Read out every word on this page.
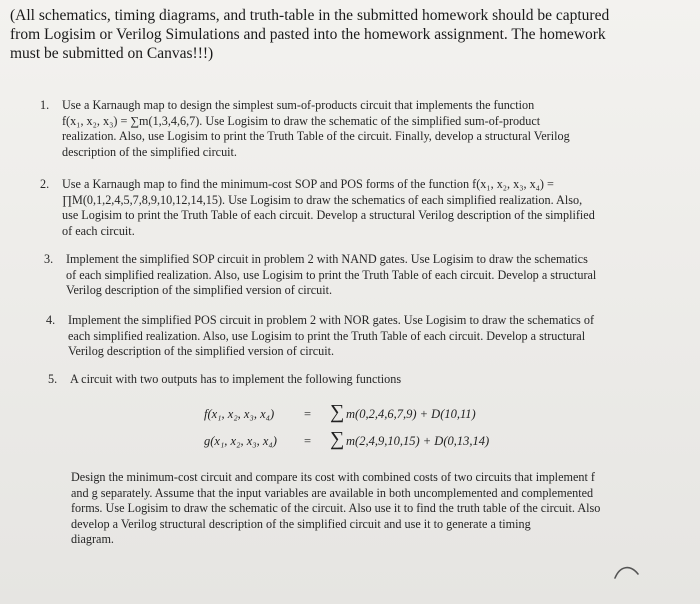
(All schematics, timing diagrams, and truth-table in the submitted homework should be captured
from Logisim or Verilog Simulations and pasted into the homework assignment. The homework
must be submitted on Canvas!!!)
1. Use a Karnaugh map to design the simplest sum-of-products circuit that implements the function
f(x₁, x₂, x₃) = ∑m(1,3,4,6,7). Use Logisim to draw the schematic of the simplified sum-of-product
realization. Also, use Logisim to print the Truth Table of the circuit. Finally, develop a structural Verilog
description of the simplified circuit.
2. Use a Karnaugh map to find the minimum-cost SOP and POS forms of the function f(x₁, x₂, x₃, x₄) =
∏M(0,1,2,4,5,7,8,9,10,12,14,15). Use Logisim to draw the schematics of each simplified realization. Also,
use Logisim to print the Truth Table of each circuit. Develop a structural Verilog description of the simplified
of each circuit.
3. Implement the simplified SOP circuit in problem 2 with NAND gates. Use Logisim to draw the schematics
of each simplified realization. Also, use Logisim to print the Truth Table of each circuit. Develop a structural
Verilog description of the simplified version of circuit.
4. Implement the simplified POS circuit in problem 2 with NOR gates. Use Logisim to draw the schematics of
each simplified realization. Also, use Logisim to print the Truth Table of each circuit. Develop a structural
Verilog description of the simplified version of circuit.
5. A circuit with two outputs has to implement the following functions
f(x₁, x₂, x₃, x₄) = ∑ m(0,2,4,6,7,9) + D(10,11)
g(x₁, x₂, x₃, x₄) = ∑ m(2,4,9,10,15) + D(0,13,14)
Design the minimum-cost circuit and compare its cost with combined costs of two circuits that implement f
and g separately. Assume that the input variables are available in both uncomplemented and complemented
forms. Use Logisim to draw the schematic of the circuit. Also use it to find the truth table of the circuit. Also
develop a Verilog structural description of the simplified circuit and use it to generate a timing
diagram.
